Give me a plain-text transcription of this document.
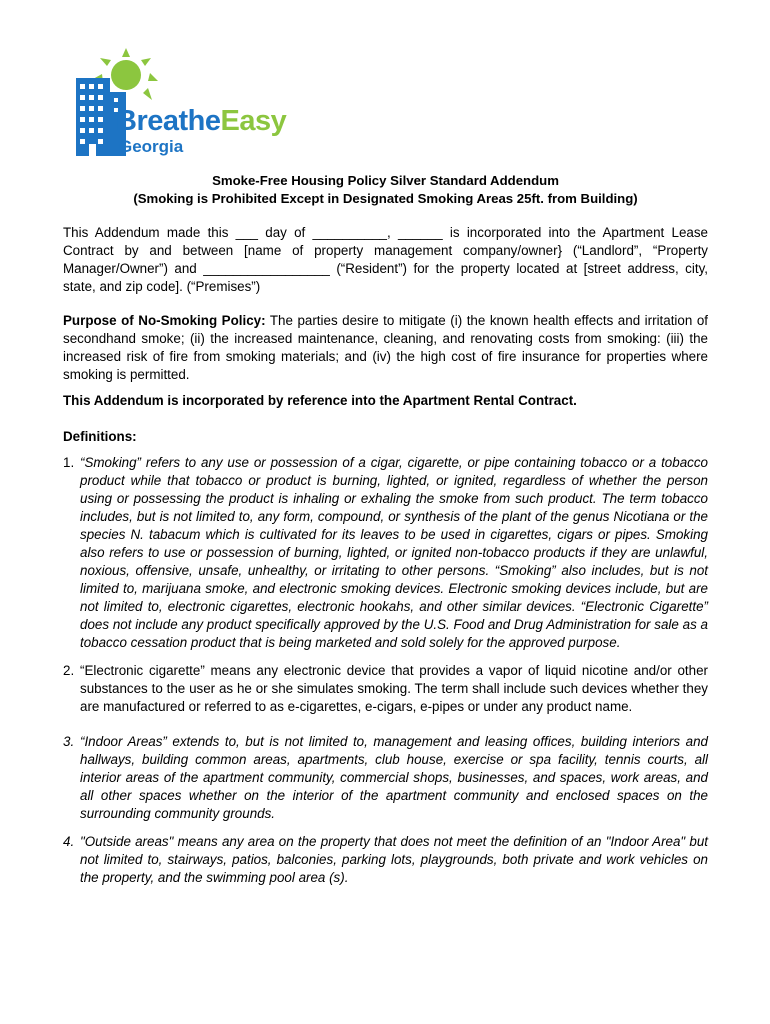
BreatheEasy
Georgia

Smoke-Free Housing Policy Silver Standard Addendum

(Smoking is Prohibited Except in Designated Smoking Areas 25ft. from Building)

This Addendum made this ___ day of __________, ______ is incorporated into the Apartment Lease Contract by and between [name of property management company/owner} (“Landlord”, “Property Manager/Owner”) and _________________ (“Resident”) for the property located at [street address, city, state, and zip code]. (“Premises”)

Purpose of No-Smoking Policy: The parties desire to mitigate (i) the known health effects and irritation of secondhand smoke; (ii) the increased maintenance, cleaning, and renovating costs from smoking: (iii) the increased risk of fire from smoking materials; and (iv) the high cost of fire insurance for properties where smoking is permitted.

This Addendum is incorporated by reference into the Apartment Rental Contract.

Definitions:

1. “Smoking” refers to any use or possession of a cigar, cigarette, or pipe containing tobacco or a tobacco product while that tobacco or product is burning, lighted, or ignited, regardless of whether the person using or possessing the product is inhaling or exhaling the smoke from such product. The term tobacco includes, but is not limited to, any form, compound, or synthesis of the plant of the genus Nicotiana or the species N. tabacum which is cultivated for its leaves to be used in cigarettes, cigars or pipes. Smoking also refers to use or possession of burning, lighted, or ignited non-tobacco products if they are unlawful, noxious, offensive, unsafe, unhealthy, or irritating to other persons. “Smoking” also includes, but is not limited to, marijuana smoke, and electronic smoking devices. Electronic smoking devices include, but are not limited to, electronic cigarettes, electronic hookahs, and other similar devices. “Electronic Cigarette” does not include any product specifically approved by the U.S. Food and Drug Administration for sale as a tobacco cessation product that is being marketed and sold solely for the approved purpose.
2. “Electronic cigarette” means any electronic device that provides a vapor of liquid nicotine and/or other substances to the user as he or she simulates smoking. The term shall include such devices whether they are manufactured or referred to as e-cigarettes, e-cigars, e-pipes or under any product name.
3. “Indoor Areas” extends to, but is not limited to, management and leasing offices, building interiors and hallways, building common areas, apartments, club house, exercise or spa facility, tennis courts, all interior areas of the apartment community, commercial shops, businesses, and spaces, work areas, and all other spaces whether on the interior of the apartment community and enclosed spaces on the surrounding community grounds.
4. "Outside areas" means any area on the property that does not meet the definition of an "Indoor Area" but not limited to, stairways, patios, balconies, parking lots, playgrounds, both private and work vehicles on the property, and the swimming pool area (s).
